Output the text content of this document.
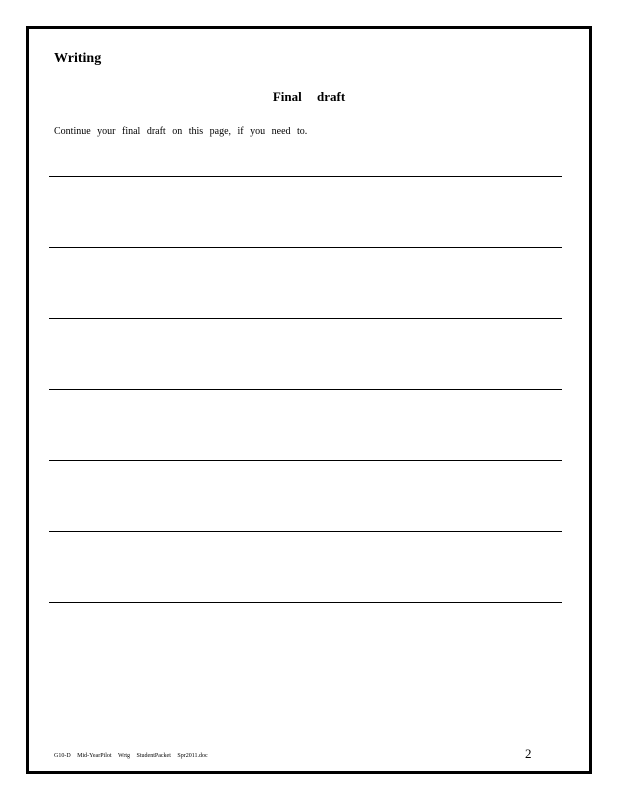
Writing
Final draft
Continue your final draft on this page, if you need to.
G10-D Mid-YearPilot Wrtg StudentPacket Spr2011.doc	2
